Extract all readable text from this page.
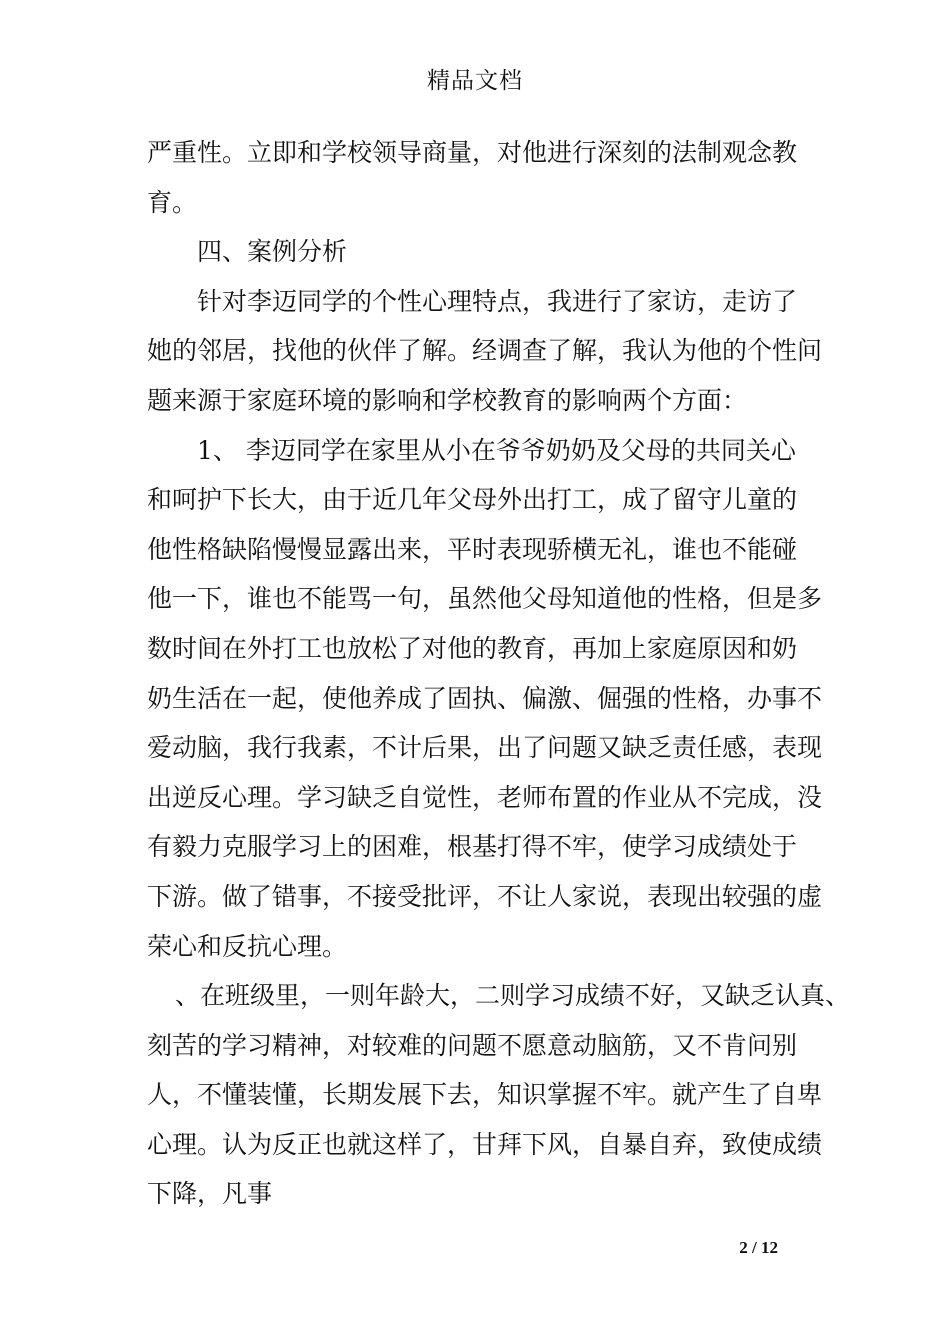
精品文档
严重性。立即和学校领导商量，对他进行深刻的法制观念教
育。
四、案例分析
针对李迈同学的个性心理特点，我进行了家访，走访了
她的邻居，找他的伙伴了解。经调查了解，我认为他的个性问
题来源于家庭环境的影响和学校教育的影响两个方面：
1、 李迈同学在家里从小在爷爷奶奶及父母的共同关心
和呵护下长大，由于近几年父母外出打工，成了留守儿童的
他性格缺陷慢慢显露出来，平时表现骄横无礼，谁也不能碰
他一下，谁也不能骂一句，虽然他父母知道他的性格，但是多
数时间在外打工也放松了对他的教育，再加上家庭原因和奶
奶生活在一起，使他养成了固执、偏激、倔强的性格，办事不
爱动脑，我行我素，不计后果，出了问题又缺乏责任感，表现
出逆反心理。学习缺乏自觉性，老师布置的作业从不完成，没
有毅力克服学习上的困难，根基打得不牢，使学习成绩处于
下游。做了错事，不接受批评，不让人家说，表现出较强的虚
荣心和反抗心理。
、在班级里，一则年龄大，二则学习成绩不好，又缺乏认真、
刻苦的学习精神，对较难的问题不愿意动脑筋，又不肯问别
人，不懂装懂，长期发展下去，知识掌握不牢。就产生了自卑
心理。认为反正也就这样了，甘拜下风，自暴自弃，致使成绩
下降，凡事
2 / 12
